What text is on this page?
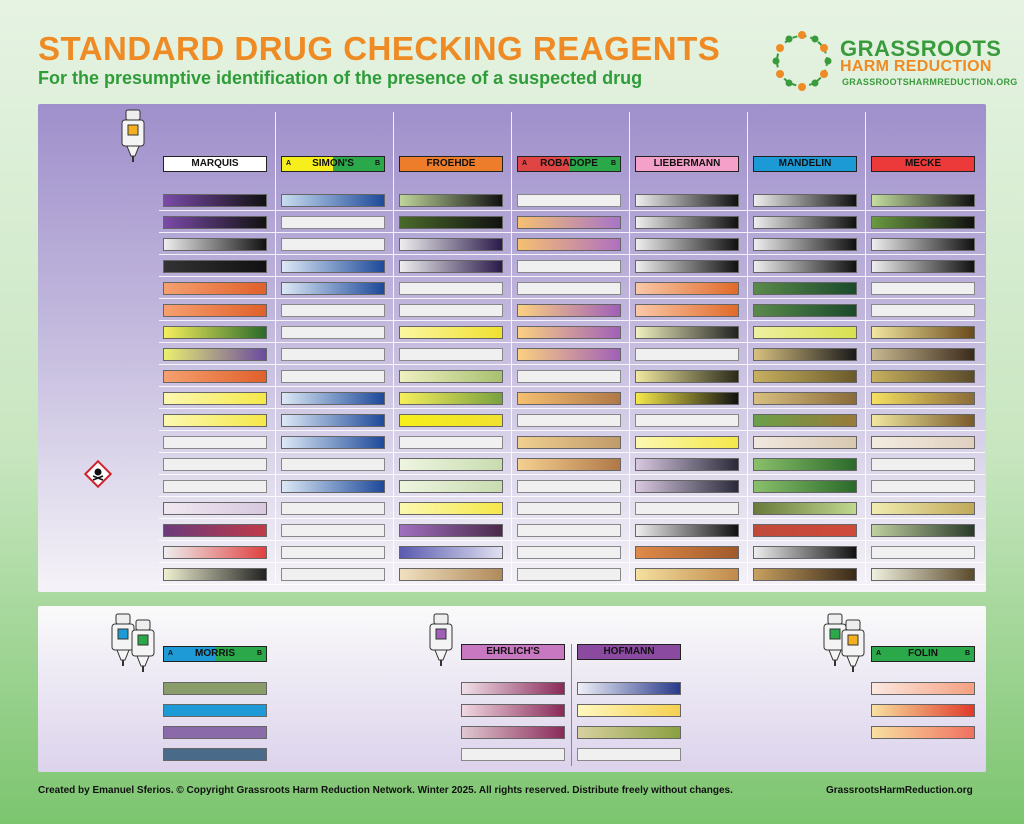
STANDARD DRUG CHECKING REAGENTS
For the presumptive identification of the presence of a suspected drug
GRASSROOTS
HARM REDUCTION
GRASSROOTSHARMREDUCTION.ORG
Created by Emanuel Sferios. © Copyright Grassroots Harm Reduction Network. Winter 2025. All rights reserved. Distribute freely without changes.	GrassrootsHarmReduction.org
MARQUIS	A SIMON'S	B	FROEHDE	A ROBADOPE B	LIEBERMANN	MANDELIN	MECKE
A MORRIS	B	EHRLICH'S	HOFMANN	A	FOLIN	B
